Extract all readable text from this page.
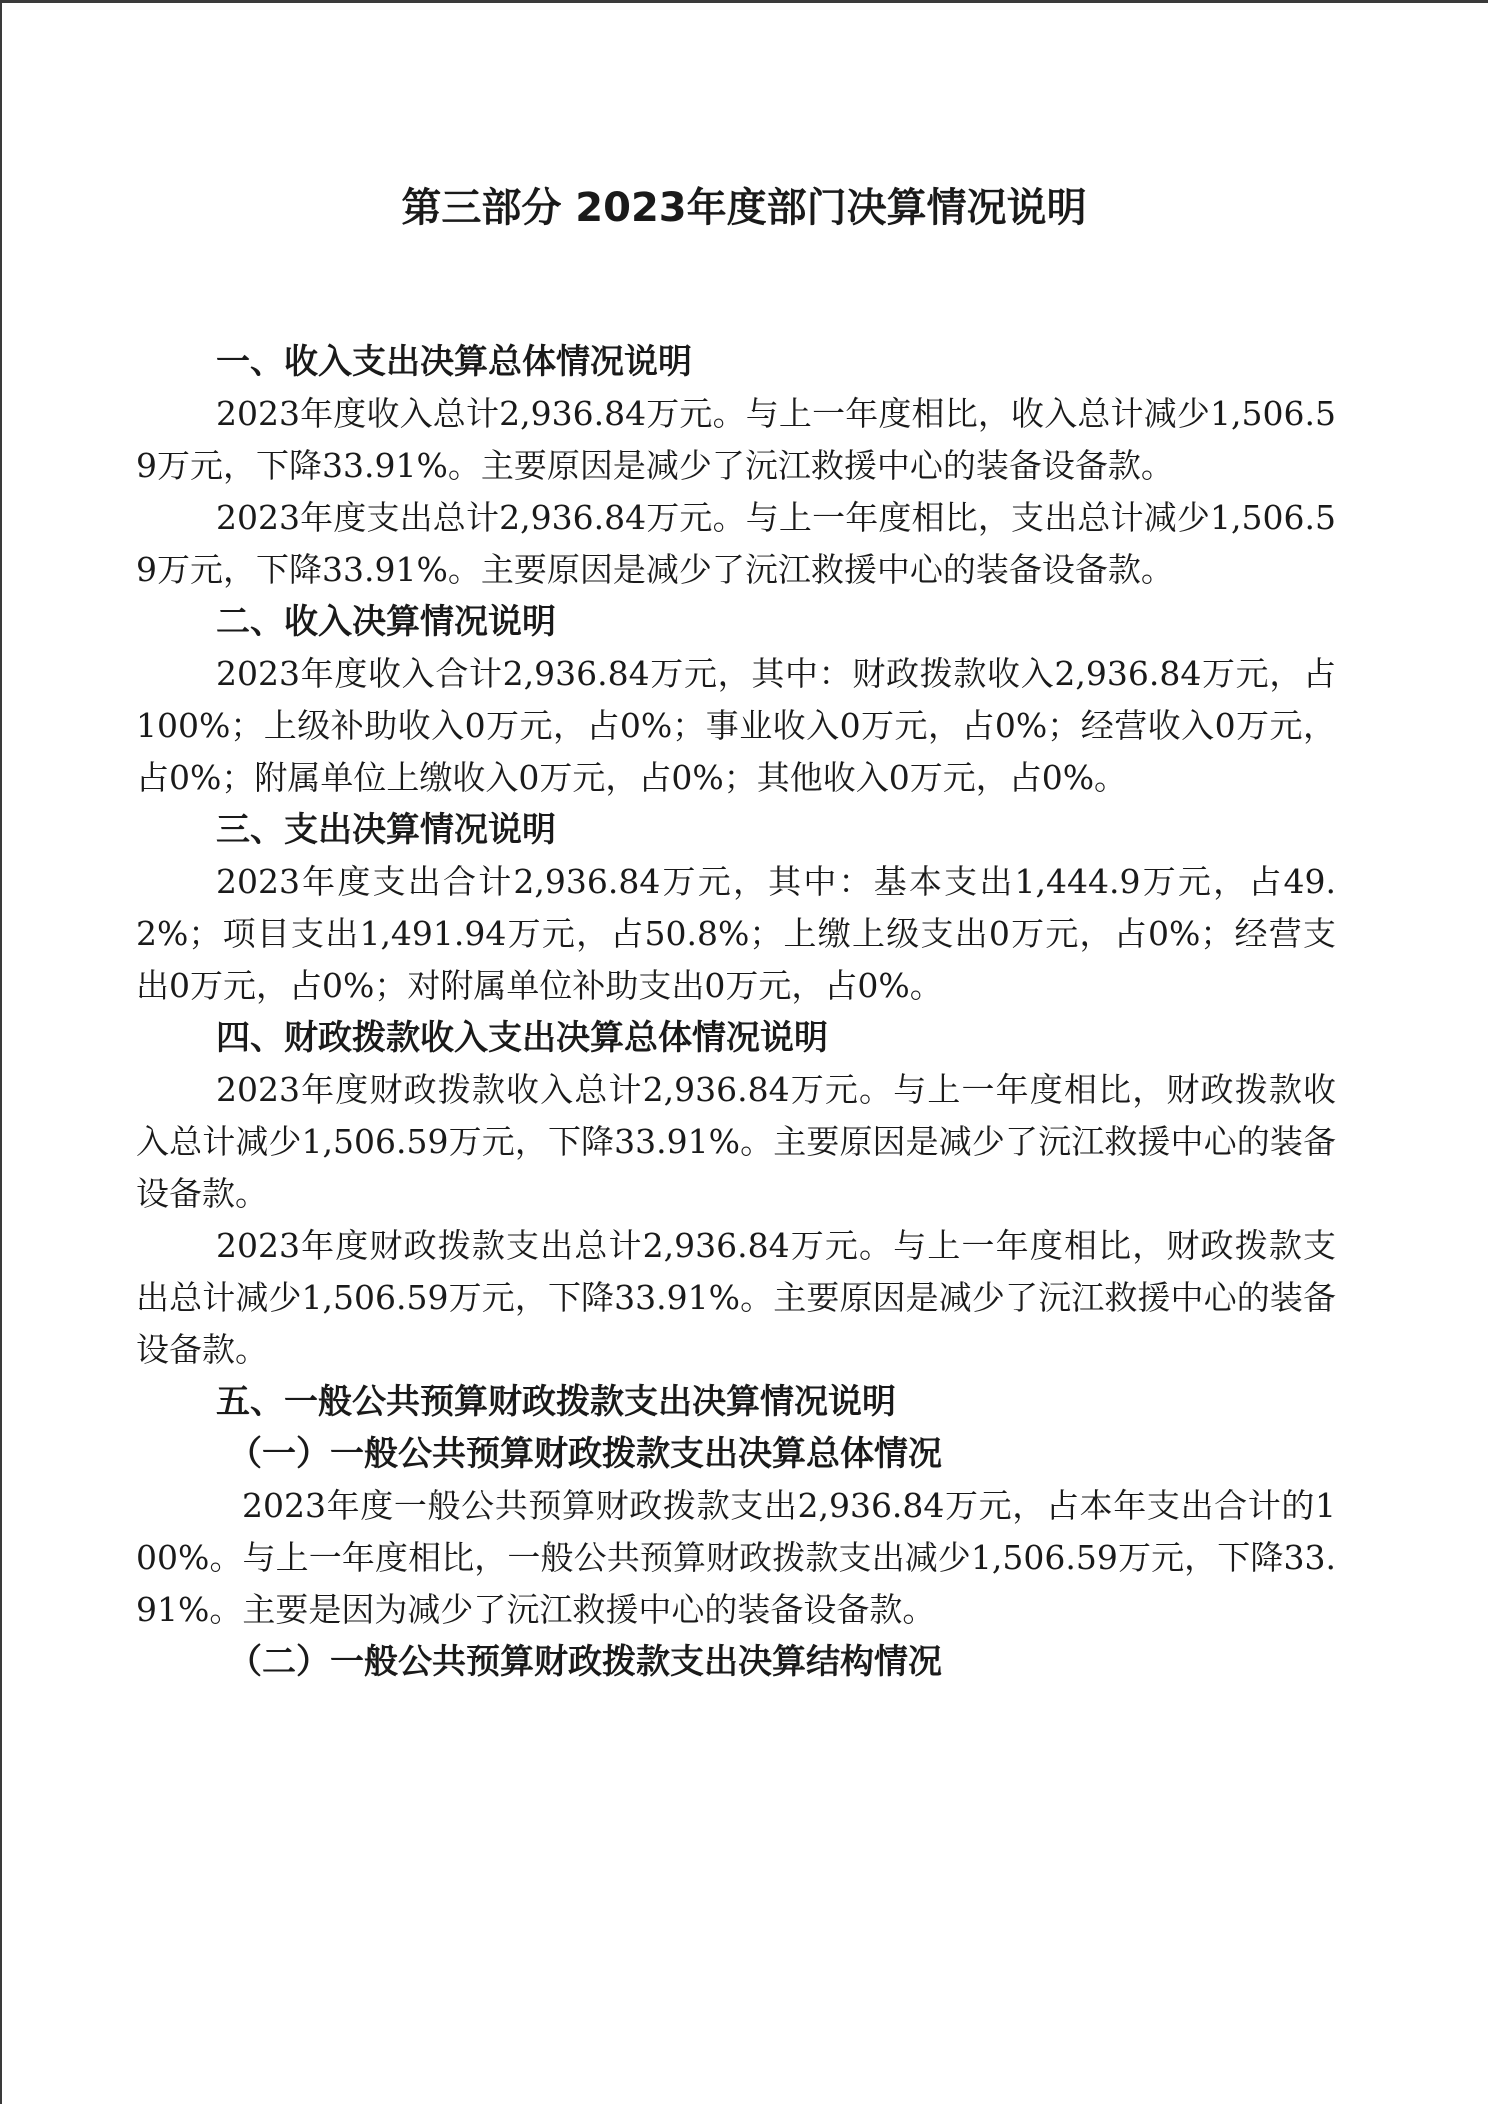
第三部分 2023年度部门决算情况说明
一、收入支出决算总体情况说明
2023年度收入总计2,936.84万元。与上一年度相比，收入总计减少1,506.59万元，下降33.91%。主要原因是减少了沅江救援中心的装备设备款。
2023年度支出总计2,936.84万元。与上一年度相比，支出总计减少1,506.59万元，下降33.91%。主要原因是减少了沅江救援中心的装备设备款。
二、收入决算情况说明
2023年度收入合计2,936.84万元，其中：财政拨款收入2,936.84万元，占100%；上级补助收入0万元，占0%；事业收入0万元，占0%；经营收入0万元，占0%；附属单位上缴收入0万元，占0%；其他收入0万元，占0%。
三、支出决算情况说明
2023年度支出合计2,936.84万元，其中：基本支出1,444.9万元，占49.2%；项目支出1,491.94万元，占50.8%；上缴上级支出0万元，占0%；经营支出0万元，占0%；对附属单位补助支出0万元，占0%。
四、财政拨款收入支出决算总体情况说明
2023年度财政拨款收入总计2,936.84万元。与上一年度相比，财政拨款收入总计减少1,506.59万元，下降33.91%。主要原因是减少了沅江救援中心的装备设备款。
2023年度财政拨款支出总计2,936.84万元。与上一年度相比，财政拨款支出总计减少1,506.59万元，下降33.91%。主要原因是减少了沅江救援中心的装备设备款。
五、一般公共预算财政拨款支出决算情况说明
（一）一般公共预算财政拨款支出决算总体情况
2023年度一般公共预算财政拨款支出2,936.84万元，占本年支出合计的100%。与上一年度相比，一般公共预算财政拨款支出减少1,506.59万元，下降33.91%。主要是因为减少了沅江救援中心的装备设备款。
（二）一般公共预算财政拨款支出决算结构情况
